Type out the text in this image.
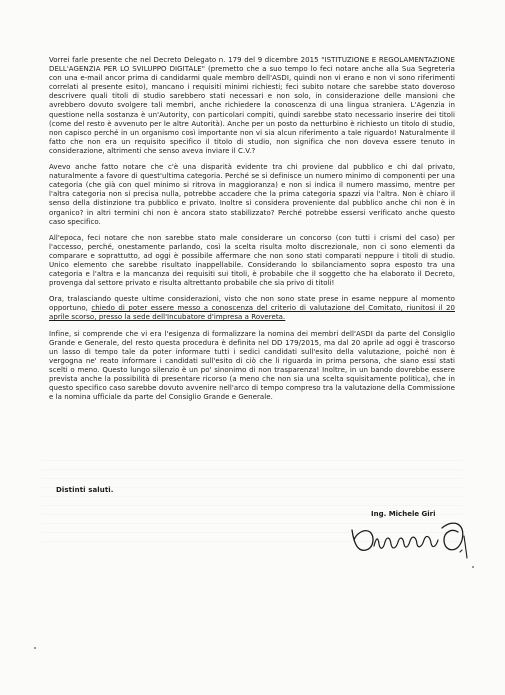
Vorrei farle presente che nel Decreto Delegato n. 179 del 9 dicembre 2015 "ISTITUZIONE E REGOLAMENTAZIONE DELL'AGENZIA PER LO SVILUPPO DIGITALE" (premetto che a suo tempo lo feci notare anche alla Sua Segreteria con una e-mail ancor prima di candidarmi quale membro dell'ASDI, quindi non vi erano e non vi sono riferimenti correlati al presente esito), mancano i requisiti minimi richiesti; feci subito notare che sarebbe stato doveroso descrivere quali titoli di studio sarebbero stati necessari e non solo, in considerazione delle mansioni che avrebbero dovuto svolgere tali membri, anche richiedere la conoscenza di una lingua straniera. L'Agenzia in questione nella sostanza è un'Autority, con particolari compiti, quindi sarebbe stato necessario inserire dei titoli (come del resto è avvenuto per le altre Autorità). Anche per un posto da netturbino è richiesto un titolo di studio, non capisco perché in un organismo così importante non vi sia alcun riferimento a tale riguardo! Naturalmente il fatto che non era un requisito specifico il titolo di studio, non significa che non doveva essere tenuto in considerazione, altrimenti che senso aveva inviare il C.V.?

Avevo anche fatto notare che c'è una disparità evidente tra chi proviene dal pubblico e chi dal privato, naturalmente a favore di quest'ultima categoria. Perché se si definisce un numero minimo di componenti per una categoria (che già con quel minimo si ritrova in maggioranza) e non si indica il numero massimo, mentre per l'altra categoria non si precisa nulla, potrebbe accadere che la prima categoria spazzi via l'altra. Non è chiaro il senso della distinzione tra pubblico e privato. Inoltre si considera proveniente dal pubblico anche chi non è in organico? in altri termini chi non è ancora stato stabilizzato? Perché potrebbe essersi verificato anche questo caso specifico.

All'epoca, feci notare che non sarebbe stato male considerare un concorso (con tutti i crismi del caso) per l'accesso, perché, onestamente parlando, così la scelta risulta molto discrezionale, non ci sono elementi da comparare e soprattutto, ad oggi è possibile affermare che non sono stati comparati neppure i titoli di studio. Unico elemento che sarebbe risultato inappellabile. Considerando lo sbilanciamento sopra esposto tra una categoria e l'altra e la mancanza dei requisiti sui titoli, è probabile che il soggetto che ha elaborato il Decreto, provenga dal settore privato e risulta altrettanto probabile che sia privo di titoli!

Ora, tralasciando queste ultime considerazioni, visto che non sono state prese in esame neppure al momento opportuno, chiedo di poter essere messo a conoscenza del criterio di valutazione del Comitato, riunitosi il 20 aprile scorso, presso la sede dell'Incubatore d'impresa a Rovereta.

Infine, si comprende che vi era l'esigenza di formalizzare la nomina dei membri dell'ASDI da parte del Consiglio Grande e Generale, del resto questa procedura è definita nel DD 179/2015, ma dal 20 aprile ad oggi è trascorso un lasso di tempo tale da poter informare tutti i sedici candidati sull'esito della valutazione, poiché non è vergogna ne' reato informare i candidati sull'esito di ciò che li riguarda in prima persona, che siano essi stati scelti o meno. Questo lungo silenzio è un po' sinonimo di non trasparenza! Inoltre, in un bando dovrebbe essere prevista anche la possibilità di presentare ricorso (a meno che non sia una scelta squisitamente politica), che in questo specifico caso sarebbe dovuto avvenire nell'arco di tempo compreso tra la valutazione della Commissione e la nomina ufficiale da parte del Consiglio Grande e Generale.

Distinti saluti.
Ing. Michele Giri
